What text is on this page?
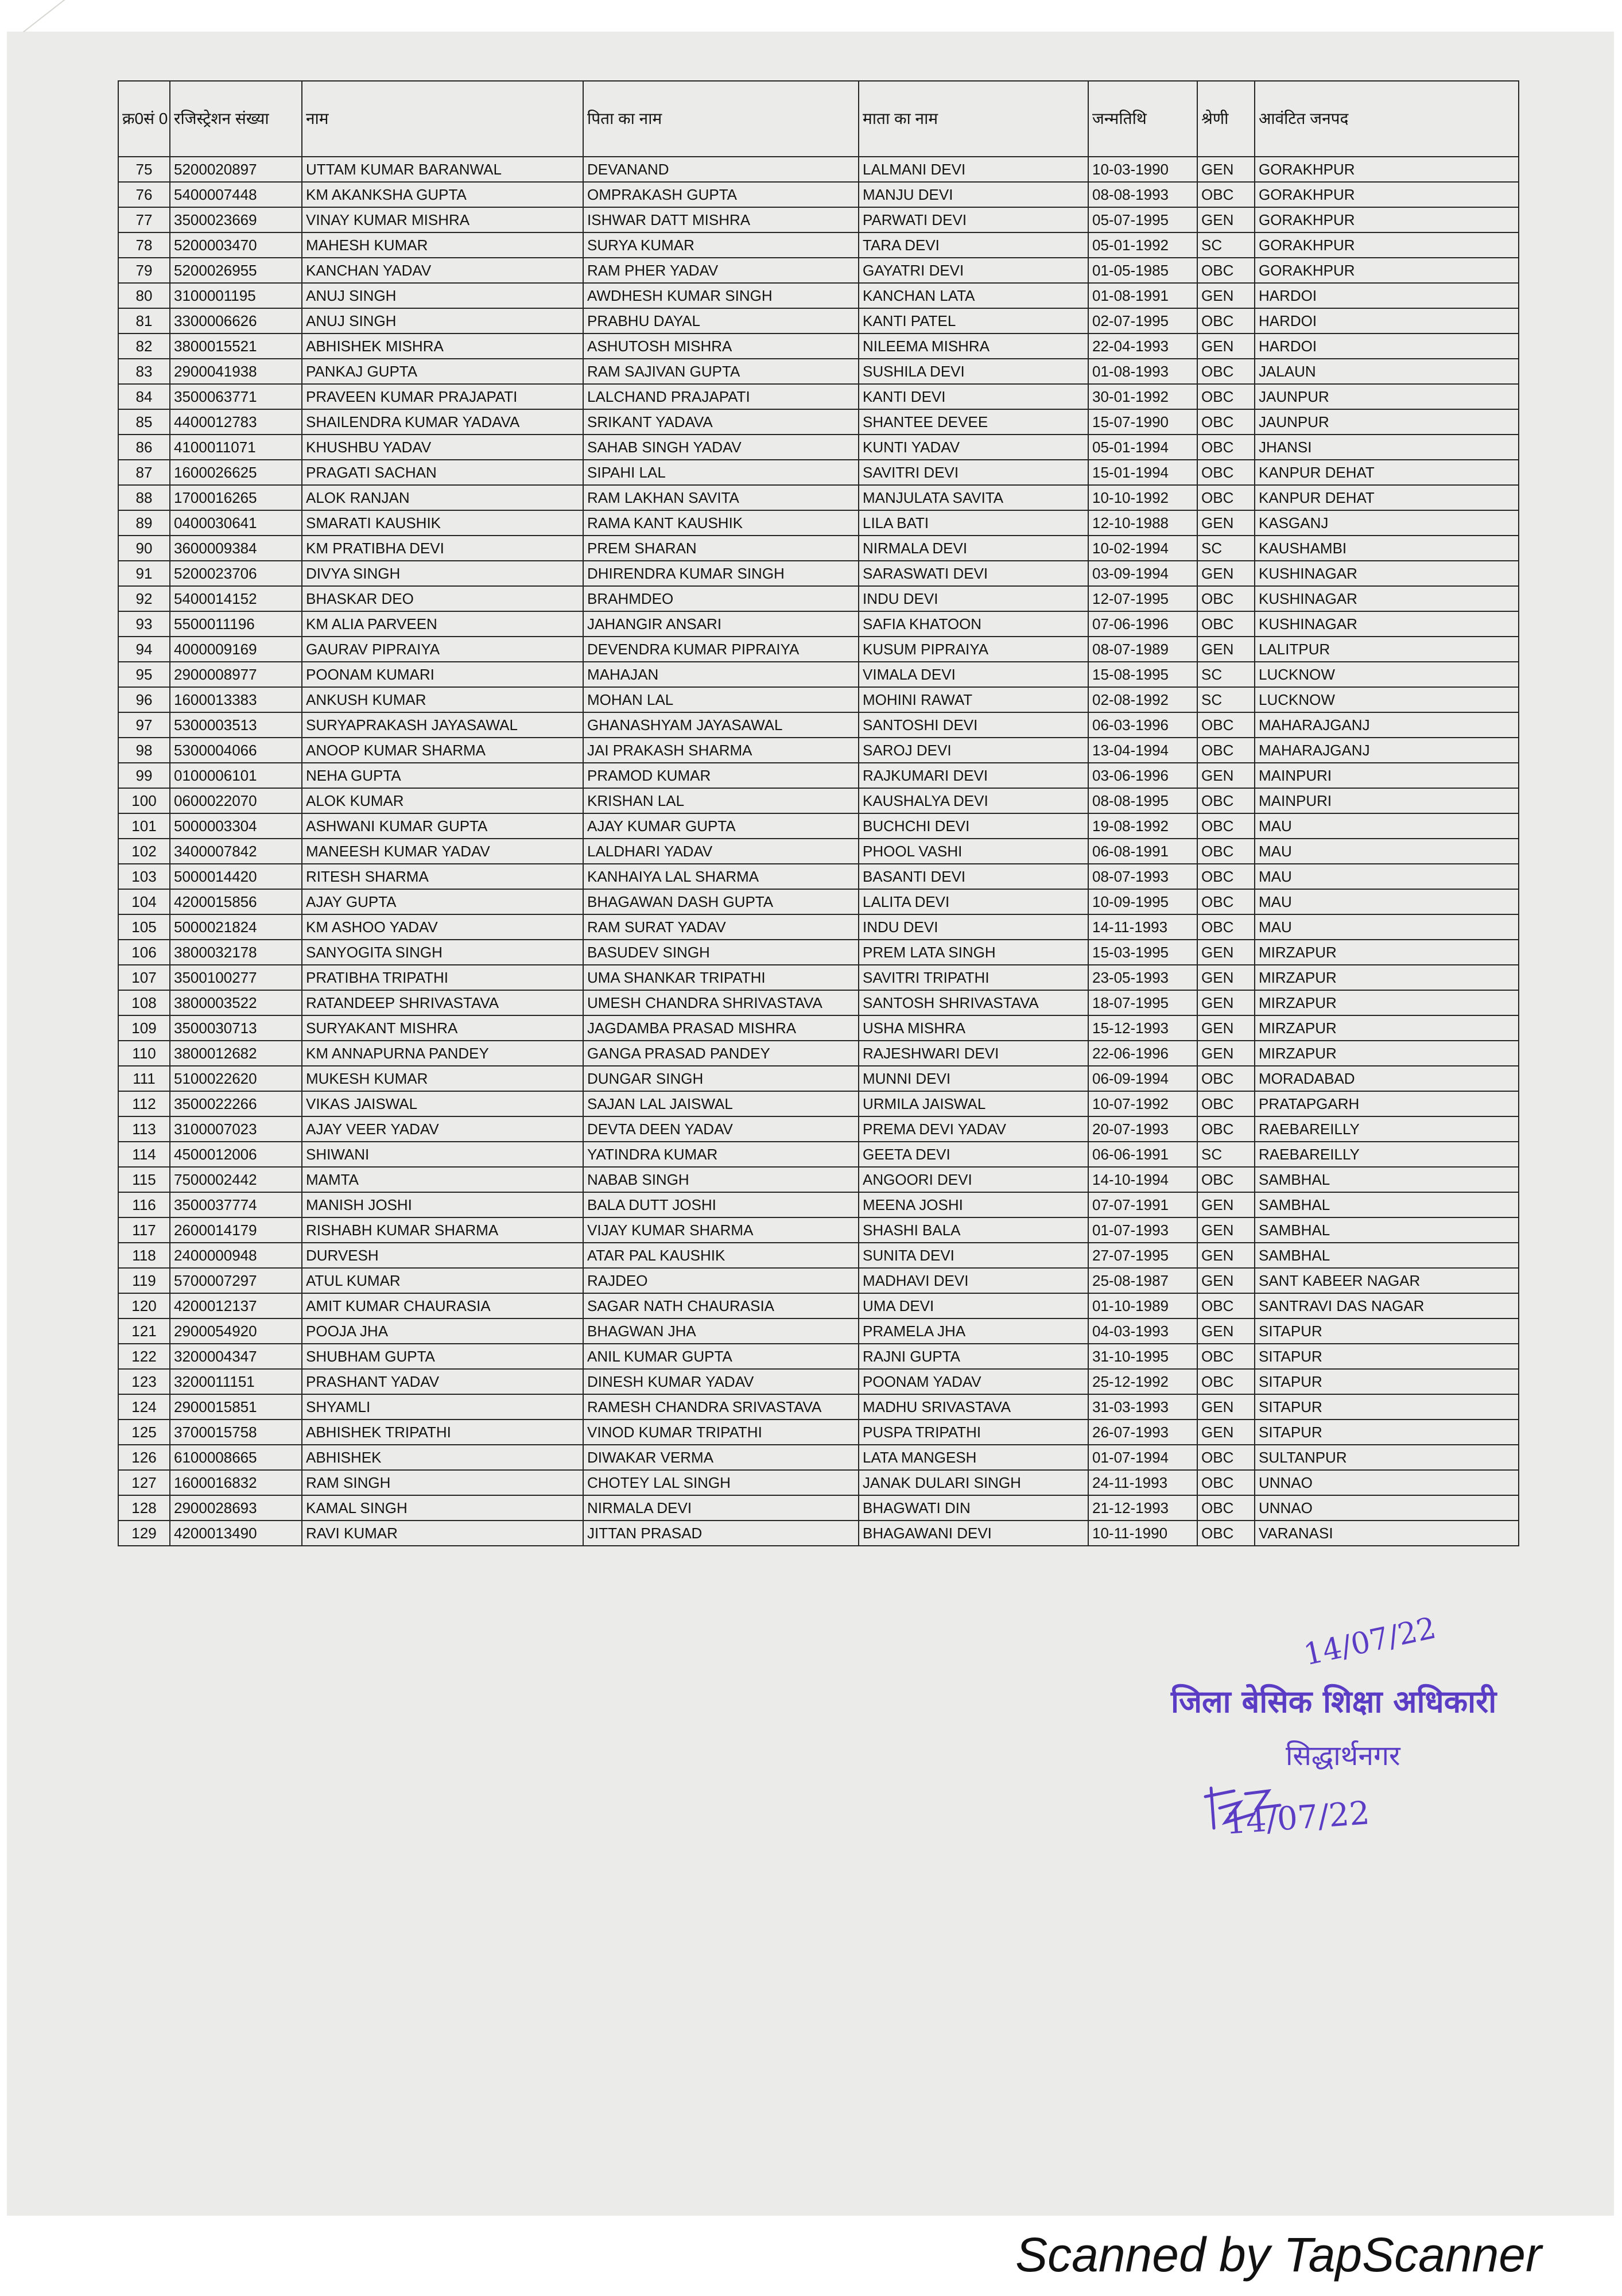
क्र0सं 0	रजिस्ट्रेशन संख्या	नाम	पिता का नाम	माता का नाम	जन्मतिथि	श्रेणी	आवंटित जनपद
75	5200020897	UTTAM KUMAR BARANWAL	DEVANAND	LALMANI DEVI	10-03-1990	GEN	GORAKHPUR
76	5400007448	KM AKANKSHA GUPTA	OMPRAKASH GUPTA	MANJU DEVI	08-08-1993	OBC	GORAKHPUR
77	3500023669	VINAY KUMAR MISHRA	ISHWAR DATT MISHRA	PARWATI DEVI	05-07-1995	GEN	GORAKHPUR
78	5200003470	MAHESH KUMAR	SURYA KUMAR	TARA DEVI	05-01-1992	SC	GORAKHPUR
79	5200026955	KANCHAN YADAV	RAM PHER YADAV	GAYATRI DEVI	01-05-1985	OBC	GORAKHPUR
80	3100001195	ANUJ SINGH	AWDHESH KUMAR SINGH	KANCHAN LATA	01-08-1991	GEN	HARDOI
81	3300006626	ANUJ SINGH	PRABHU DAYAL	KANTI PATEL	02-07-1995	OBC	HARDOI
82	3800015521	ABHISHEK MISHRA	ASHUTOSH MISHRA	NILEEMA MISHRA	22-04-1993	GEN	HARDOI
83	2900041938	PANKAJ GUPTA	RAM SAJIVAN GUPTA	SUSHILA DEVI	01-08-1993	OBC	JALAUN
84	3500063771	PRAVEEN KUMAR PRAJAPATI	LALCHAND PRAJAPATI	KANTI DEVI	30-01-1992	OBC	JAUNPUR
85	4400012783	SHAILENDRA KUMAR YADAVA	SRIKANT YADAVA	SHANTEE DEVEE	15-07-1990	OBC	JAUNPUR
86	4100011071	KHUSHBU YADAV	SAHAB SINGH YADAV	KUNTI YADAV	05-01-1994	OBC	JHANSI
87	1600026625	PRAGATI SACHAN	SIPAHI LAL	SAVITRI DEVI	15-01-1994	OBC	KANPUR DEHAT
88	1700016265	ALOK RANJAN	RAM LAKHAN SAVITA	MANJULATA SAVITA	10-10-1992	OBC	KANPUR DEHAT
89	0400030641	SMARATI KAUSHIK	RAMA KANT KAUSHIK	LILA BATI	12-10-1988	GEN	KASGANJ
90	3600009384	KM PRATIBHA DEVI	PREM SHARAN	NIRMALA DEVI	10-02-1994	SC	KAUSHAMBI
91	5200023706	DIVYA SINGH	DHIRENDRA KUMAR SINGH	SARASWATI DEVI	03-09-1994	GEN	KUSHINAGAR
92	5400014152	BHASKAR DEO	BRAHMDEO	INDU DEVI	12-07-1995	OBC	KUSHINAGAR
93	5500011196	KM ALIA PARVEEN	JAHANGIR ANSARI	SAFIA KHATOON	07-06-1996	OBC	KUSHINAGAR
94	4000009169	GAURAV PIPRAIYA	DEVENDRA KUMAR PIPRAIYA	KUSUM PIPRAIYA	08-07-1989	GEN	LALITPUR
95	2900008977	POONAM KUMARI	MAHAJAN	VIMALA DEVI	15-08-1995	SC	LUCKNOW
96	1600013383	ANKUSH KUMAR	MOHAN LAL	MOHINI RAWAT	02-08-1992	SC	LUCKNOW
97	5300003513	SURYAPRAKASH JAYASAWAL	GHANASHYAM JAYASAWAL	SANTOSHI DEVI	06-03-1996	OBC	MAHARAJGANJ
98	5300004066	ANOOP KUMAR SHARMA	JAI PRAKASH SHARMA	SAROJ DEVI	13-04-1994	OBC	MAHARAJGANJ
99	0100006101	NEHA GUPTA	PRAMOD KUMAR	RAJKUMARI DEVI	03-06-1996	GEN	MAINPURI
100	0600022070	ALOK KUMAR	KRISHAN LAL	KAUSHALYA DEVI	08-08-1995	OBC	MAINPURI
101	5000003304	ASHWANI KUMAR GUPTA	AJAY KUMAR GUPTA	BUCHCHI DEVI	19-08-1992	OBC	MAU
102	3400007842	MANEESH KUMAR YADAV	LALDHARI YADAV	PHOOL VASHI	06-08-1991	OBC	MAU
103	5000014420	RITESH SHARMA	KANHAIYA LAL SHARMA	BASANTI DEVI	08-07-1993	OBC	MAU
104	4200015856	AJAY GUPTA	BHAGAWAN DASH GUPTA	LALITA DEVI	10-09-1995	OBC	MAU
105	5000021824	KM ASHOO YADAV	RAM SURAT YADAV	INDU DEVI	14-11-1993	OBC	MAU
106	3800032178	SANYOGITA SINGH	BASUDEV SINGH	PREM LATA SINGH	15-03-1995	GEN	MIRZAPUR
107	3500100277	PRATIBHA TRIPATHI	UMA SHANKAR TRIPATHI	SAVITRI TRIPATHI	23-05-1993	GEN	MIRZAPUR
108	3800003522	RATANDEEP SHRIVASTAVA	UMESH CHANDRA SHRIVASTAVA	SANTOSH SHRIVASTAVA	18-07-1995	GEN	MIRZAPUR
109	3500030713	SURYAKANT MISHRA	JAGDAMBA PRASAD MISHRA	USHA MISHRA	15-12-1993	GEN	MIRZAPUR
110	3800012682	KM ANNAPURNA PANDEY	GANGA PRASAD PANDEY	RAJESHWARI DEVI	22-06-1996	GEN	MIRZAPUR
111	5100022620	MUKESH KUMAR	DUNGAR SINGH	MUNNI DEVI	06-09-1994	OBC	MORADABAD
112	3500022266	VIKAS JAISWAL	SAJAN LAL JAISWAL	URMILA JAISWAL	10-07-1992	OBC	PRATAPGARH
113	3100007023	AJAY VEER YADAV	DEVTA DEEN YADAV	PREMA DEVI YADAV	20-07-1993	OBC	RAEBAREILLY
114	4500012006	SHIWANI	YATINDRA KUMAR	GEETA DEVI	06-06-1991	SC	RAEBAREILLY
115	7500002442	MAMTA	NABAB SINGH	ANGOORI DEVI	14-10-1994	OBC	SAMBHAL
116	3500037774	MANISH JOSHI	BALA DUTT JOSHI	MEENA JOSHI	07-07-1991	GEN	SAMBHAL
117	2600014179	RISHABH KUMAR SHARMA	VIJAY KUMAR SHARMA	SHASHI BALA	01-07-1993	GEN	SAMBHAL
118	2400000948	DURVESH	ATAR PAL KAUSHIK	SUNITA DEVI	27-07-1995	GEN	SAMBHAL
119	5700007297	ATUL KUMAR	RAJDEO	MADHAVI DEVI	25-08-1987	GEN	SANT KABEER NAGAR
120	4200012137	AMIT KUMAR CHAURASIA	SAGAR NATH CHAURASIA	UMA DEVI	01-10-1989	OBC	SANTRAVI DAS NAGAR
121	2900054920	POOJA JHA	BHAGWAN JHA	PRAMELA JHA	04-03-1993	GEN	SITAPUR
122	3200004347	SHUBHAM GUPTA	ANIL KUMAR GUPTA	RAJNI GUPTA	31-10-1995	OBC	SITAPUR
123	3200011151	PRASHANT YADAV	DINESH KUMAR YADAV	POONAM YADAV	25-12-1992	OBC	SITAPUR
124	2900015851	SHYAMLI	RAMESH CHANDRA SRIVASTAVA	MADHU SRIVASTAVA	31-03-1993	GEN	SITAPUR
125	3700015758	ABHISHEK TRIPATHI	VINOD KUMAR TRIPATHI	PUSPA TRIPATHI	26-07-1993	GEN	SITAPUR
126	6100008665	ABHISHEK	DIWAKAR VERMA	LATA MANGESH	01-07-1994	OBC	SULTANPUR
127	1600016832	RAM SINGH	CHOTEY LAL SINGH	JANAK DULARI SINGH	24-11-1993	OBC	UNNAO
128	2900028693	KAMAL SINGH	NIRMALA DEVI	BHAGWATI DIN	21-12-1993	OBC	UNNAO
129	4200013490	RAVI KUMAR	JITTAN PRASAD	BHAGAWANI DEVI	10-11-1990	OBC	VARANASI
14/07/22
जिला बेसिक शिक्षा अधिकारी
सिद्धार्थनगर
14/07/22
Scanned by TapScanner
